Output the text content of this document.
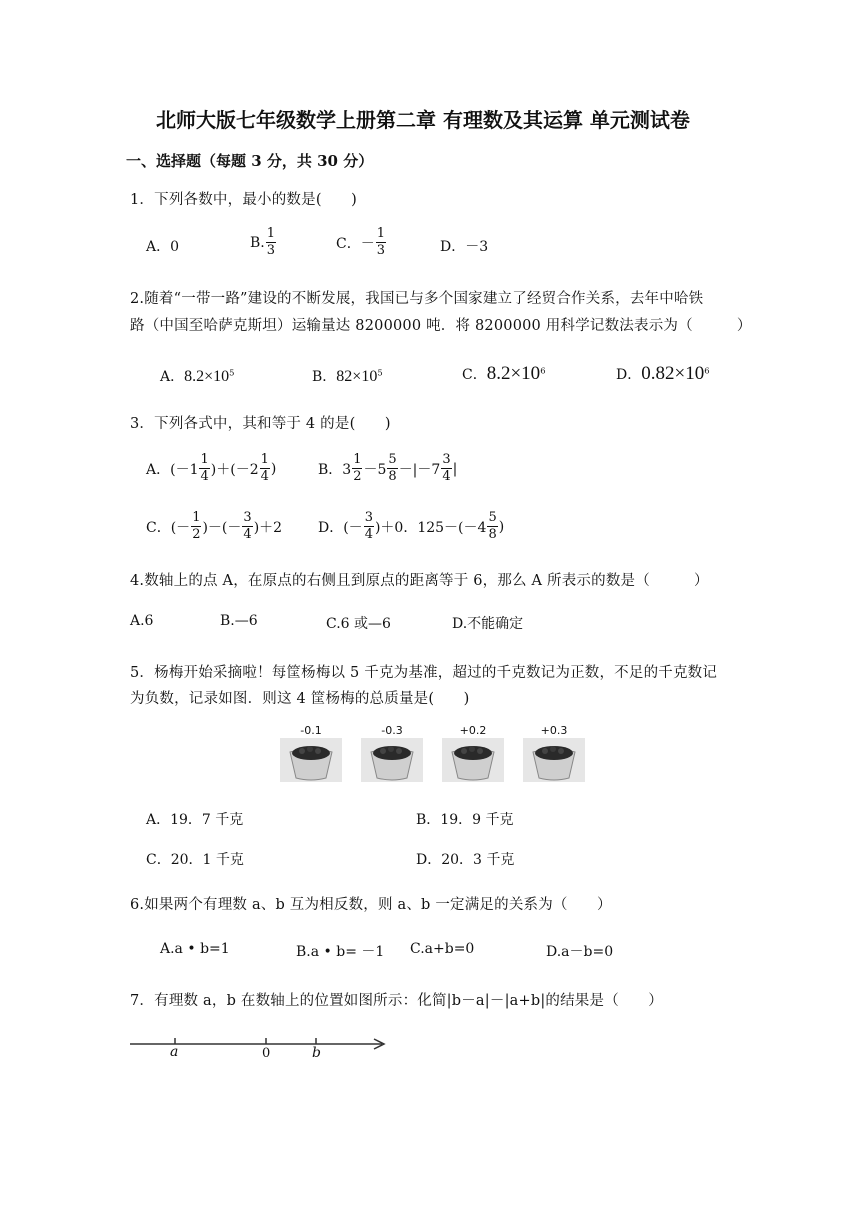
北师大版七年级数学上册第二章 有理数及其运算 单元测试卷
一、选择题（每题 3 分，共 30 分）
1．下列各数中，最小的数是(　　)
A．0	B. $\frac{1}{3}$	C．－ $\frac{1}{3}$	D．－3
2.随着“一带一路”建设的不断发展，我国已与多个国家建立了经贸合作关系，去年中哈铁
路（中国至哈萨克斯坦）运输量达 8200000 吨．将 8200000 用科学记数法表示为（　　　）
A．$8.2\times 10^5$	B．$82\times 10^5$	C．$8.2\times 10^6$	D．$0.82\times 10^6$
3．下列各式中，其和等于 4 的是(　　)
A．$(-1 \frac{1}{4} )+(-2 \frac{1}{4}$ )	B．$3 \frac{1}{2} -5 \frac{5}{8} -|-7 \frac{3}{4}$ |
C．(－ $\frac{1}{2}$ )－(－ $\frac{3}{4} )+2$	D．(－ $\frac{3}{4} )+0$．$125-(-4 \frac{5}{8}$ )
4.数轴上的点 A，在原点的右侧且到原点的距离等于 6，那么 A 所表示的数是（　　　）
A.6	B.—6	C.6 或—6	D.不能确定
5．杨梅开始采摘啦！每筐杨梅以 5 千克为基准，超过的千克数记为正数，不足的千克数记
为负数，记录如图．则这 4 筐杨梅的总质量是(　　)
-0.1	-0.3	+0.2	+0.3
A．19．7 千克	B．19．9 千克
C．20．1 千克	D．20．3 千克
6.如果两个有理数 a、b 互为相反数，则 a、b 一定满足的关系为（　　）
A.a • b=1	B.a • b= －1 C.a+b=0	D.a－b=0
7．有理数 a，b 在数轴上的位置如图所示：化简|b－a|－|a+b|的结果是（　　）
a	0	b
